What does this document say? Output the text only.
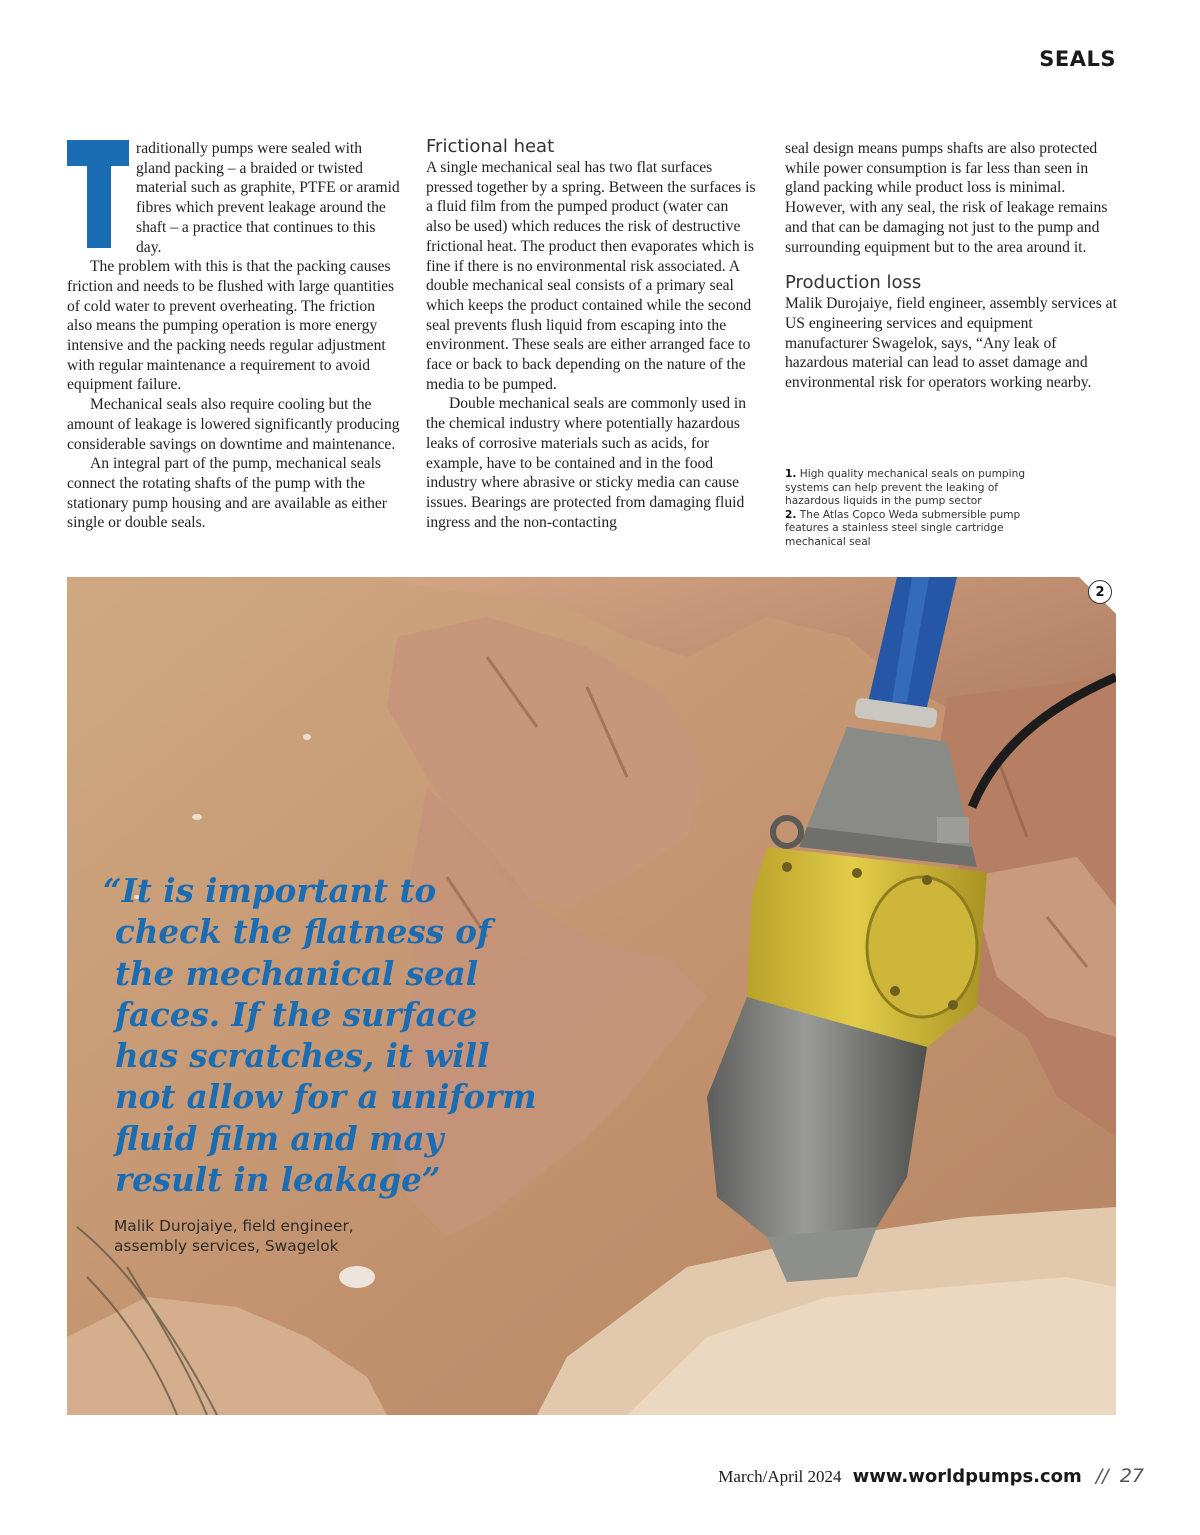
SEALS

raditionally pumps were sealed with gland packing – a braided or twisted material such as graphite, PTFE or aramid fibres which prevent leakage around the shaft – a practice that continues to this day.

The problem with this is that the packing causes friction and needs to be flushed with large quantities of cold water to prevent overheating. The friction also means the pumping operation is more energy intensive and the packing needs regular adjustment with regular maintenance a requirement to avoid equipment failure.

Mechanical seals also require cooling but the amount of leakage is lowered significantly producing considerable savings on downtime and maintenance.

An integral part of the pump, mechanical seals connect the rotating shafts of the pump with the stationary pump housing and are available as either single or double seals.

Frictional heat

A single mechanical seal has two flat surfaces pressed together by a spring. Between the surfaces is a fluid film from the pumped product (water can also be used) which reduces the risk of destructive frictional heat. The product then evaporates which is fine if there is no environmental risk associated. A double mechanical seal consists of a primary seal which keeps the product contained while the second seal prevents flush liquid from escaping into the environment. These seals are either arranged face to face or back to back depending on the nature of the media to be pumped.

Double mechanical seals are commonly used in the chemical industry where potentially hazardous leaks of corrosive materials such as acids, for example, have to be contained and in the food industry where abrasive or sticky media can cause issues. Bearings are protected from damaging fluid ingress and the non-contacting

seal design means pumps shafts are also protected while power consumption is far less than seen in gland packing while product loss is minimal. However, with any seal, the risk of leakage remains and that can be damaging not just to the pump and surrounding equipment but to the area around it.

Production loss

Malik Durojaiye, field engineer, assembly services at US engineering services and equipment manufacturer Swagelok, says, “Any leak of hazardous material can lead to asset damage and environmental risk for operators working nearby.

1. High quality mechanical seals on pumping systems can help prevent the leaking of hazardous liquids in the pump sector

2. The Atlas Copco Weda submersible pump features a stainless steel single cartridge mechanical seal

2
“It is important to
check the flatness of
the mechanical seal
faces. If the surface
has scratches, it will
not allow for a uniform
fluid film and may
result in leakage”
Malik Durojaiye, field engineer,
assembly services, Swagelok
March/April 2024 www.worldpumps.com // 27
